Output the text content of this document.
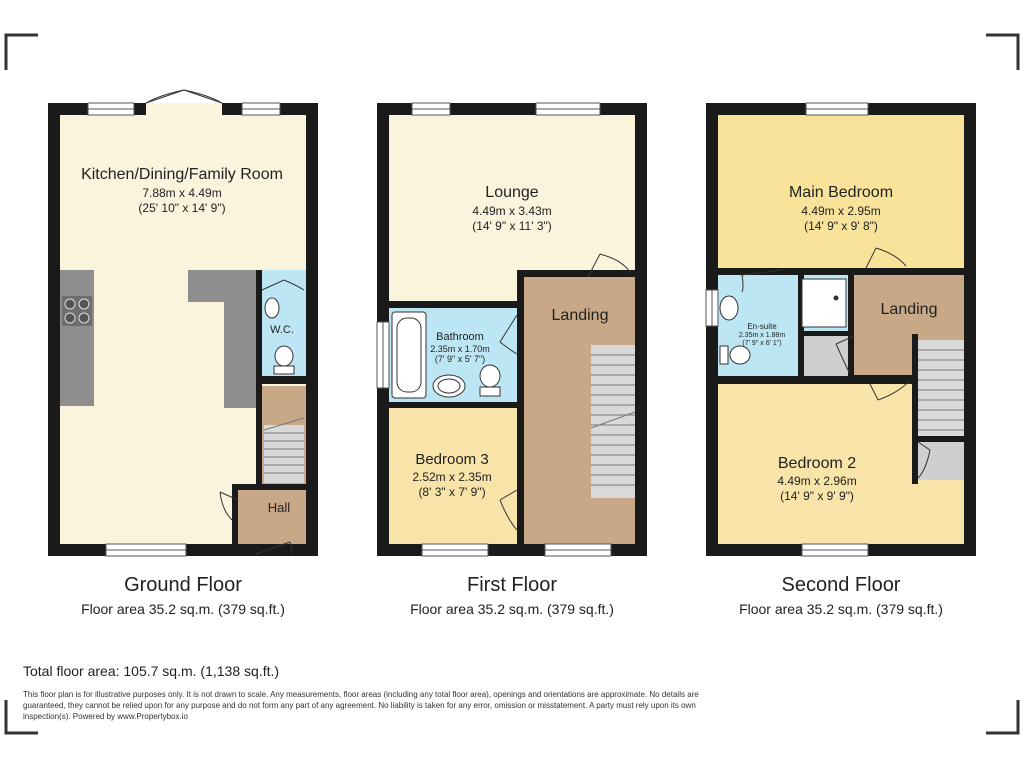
Kitchen/Dining/Family Room
7.88m x 4.49m
(25' 10" x 14' 9")
W.C.
Hall
Lounge
4.49m x 3.43m
(14' 9" x 11' 3")
Bathroom
2.35m x 1.70m
(7' 9" x 5' 7")
Landing
Bedroom 3
2.52m x 2.35m
(8' 3" x 7' 9")
Main Bedroom
4.49m x 2.95m
(14' 9" x 9' 8")
En-suite
2.35m x 1.88m
(7' 9" x 6' 1")
Landing
Bedroom 2
4.49m x 2.96m
(14' 9" x 9' 9")
Ground Floor
Floor area 35.2 sq.m. (379 sq.ft.)
First Floor
Floor area 35.2 sq.m. (379 sq.ft.)
Second Floor
Floor area 35.2 sq.m. (379 sq.ft.)
Total floor area: 105.7 sq.m. (1,138 sq.ft.)
This floor plan is for illustrative purposes only. It is not drawn to scale. Any measurements, floor areas (including any total floor area), openings and orientations are approximate. No details are guaranteed, they cannot be relied upon for any purpose and do not form any part of any agreement. No liability is taken for any error, omission or misstatement. A party must rely upon its own inspection(s). Powered by www.Propertybox.io
